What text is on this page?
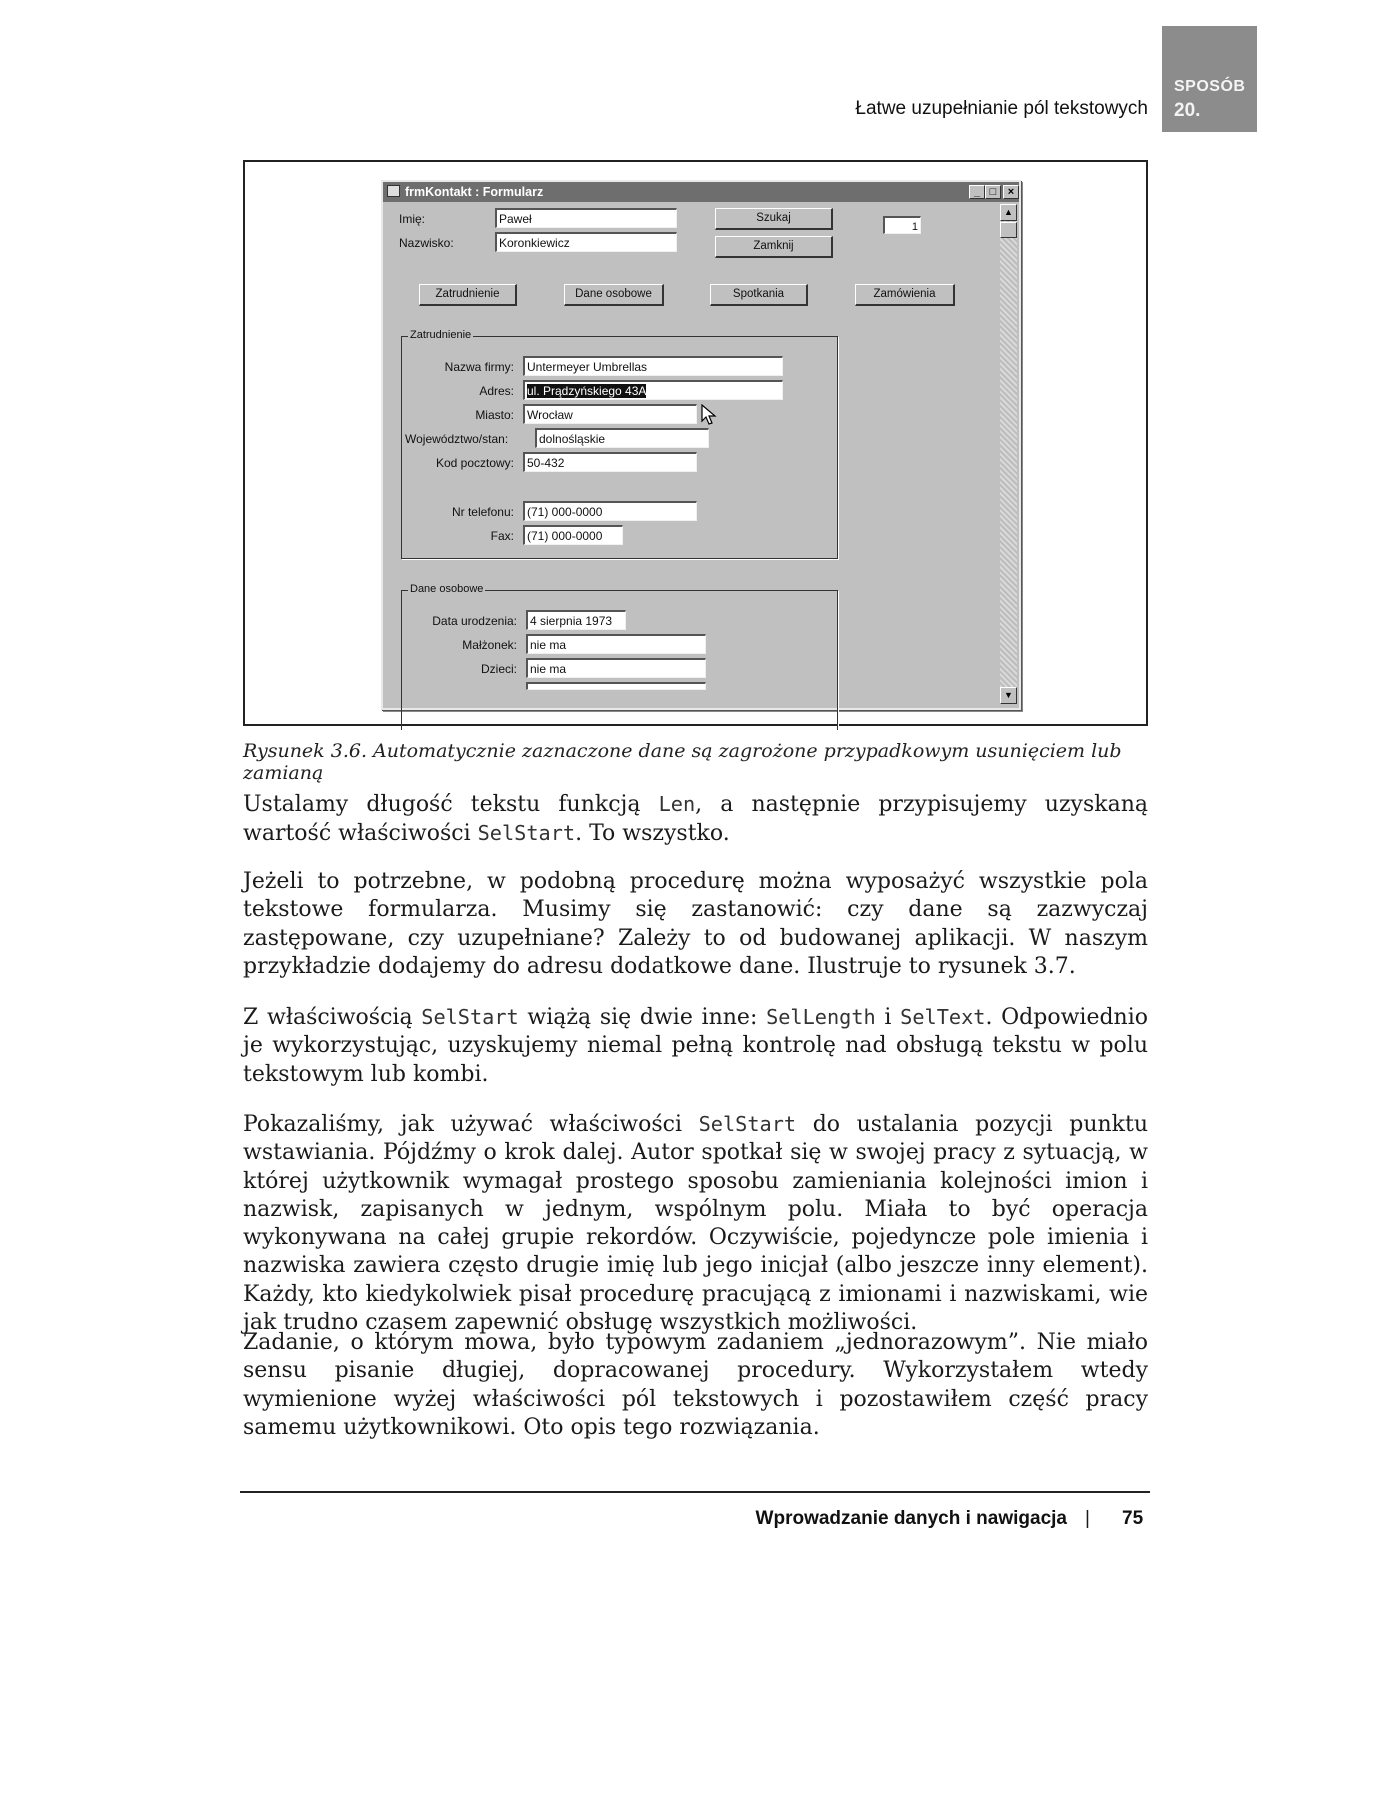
Łatwe uzupełnianie pól tekstowych
SPOSÓB
20.
frmKontakt : Formularz	_ □	×
▲
▼
Imię:	Paweł
Nazwisko:	Koronkiewicz
Szukaj
Zamknij
1
Zatrudnienie	Dane osobowe	Spotkania	Zamówienia
Zatrudnienie
Nazwa firmy:	Untermeyer Umbrellas
Adres:	ul. Prądzyńskiego 43A
Miasto:	Wrocław
Województwo/stan:	dolnośląskie
Kod pocztowy:	50-432
Nr telefonu:	(71) 000-0000
Fax:	(71) 000-0000
Dane osobowe
Data urodzenia:	4 sierpnia 1973
Małżonek:	nie ma
Dzieci:	nie ma
Rysunek 3.6. Automatycznie zaznaczone dane są zagrożone przypadkowym usunięciem lub zamianą

Ustalamy długość tekstu funkcją Len, a następnie przypisujemy uzyskaną wartość właściwości SelStart. To wszystko.

Jeżeli to potrzebne, w podobną procedurę można wyposażyć wszystkie pola tekstowe formularza. Musimy się zastanowić: czy dane są zazwyczaj zastępowane, czy uzupełniane? Zależy to od budowanej aplikacji. W naszym przykładzie dodajemy do adresu dodatkowe dane. Ilustruje to rysunek 3.7.

Z właściwością SelStart wiążą się dwie inne: SelLength i SelText. Odpowiednio je wykorzystując, uzyskujemy niemal pełną kontrolę nad obsługą tekstu w polu tekstowym lub kombi.

Pokazaliśmy, jak używać właściwości SelStart do ustalania pozycji punktu wstawiania. Pójdźmy o krok dalej. Autor spotkał się w swojej pracy z sytuacją, w której użytkownik wymagał prostego sposobu zamieniania kolejności imion i nazwisk, zapisanych w jednym, wspólnym polu. Miała to być operacja wykonywana na całej grupie rekordów. Oczywiście, pojedyncze pole imienia i nazwiska zawiera często drugie imię lub jego inicjał (albo jeszcze inny element). Każdy, kto kiedykolwiek pisał procedurę pracującą z imionami i nazwiskami, wie jak trudno czasem zapewnić obsługę wszystkich możliwości.

Zadanie, o którym mowa, było typowym zadaniem „jednorazowym”. Nie miało sensu pisanie długiej, dopracowanej procedury. Wykorzystałem wtedy wymienione wyżej właściwości pól tekstowych i pozostawiłem część pracy samemu użytkownikowi. Oto opis tego rozwiązania.

Wprowadzanie danych i nawigacja | 75
